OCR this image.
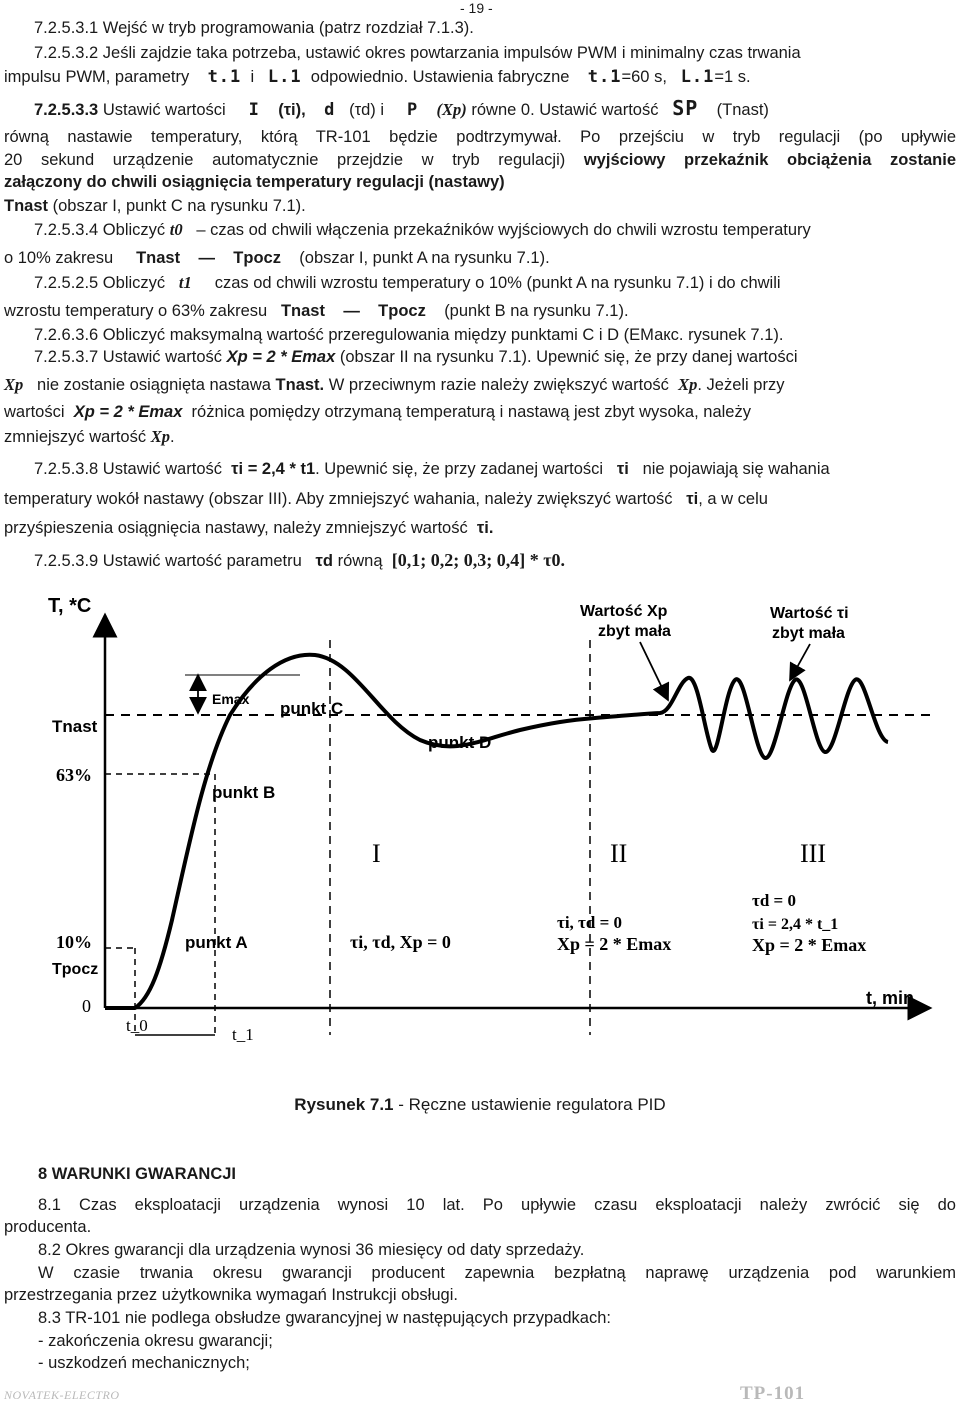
- 19 -
7.2.5.3.1 Wejść w tryb programowania (patrz rozdział 7.1.3).
7.2.5.3.2 Jeśli zajdzie taka potrzeba, ustawić okres powtarzania impulsów PWM i minimalny czas trwania
impulsu PWM, parametry t.1 i L.1 odpowiednio. Ustawienia fabryczne t.1=60 s, L.1=1 s.
7.2.5.3.3 Ustawić wartości I (τi), d (τd) i P (Xp) równe 0. Ustawić wartość SP (Tnast)
równą nastawie temperatury, którą TR-101 będzie podtrzymywał. Po przejściu w tryb regulacji (po upływie
20 sekund urządzenie automatycznie przejdzie w tryb regulacji) wyjściowy przekaźnik obciążenia zostanie
załączony do chwili osiągnięcia temperatury regulacji (nastawy)
Tnast (obszar I, punkt C na rysunku 7.1).
7.2.5.3.4 Obliczyć t0 – czas od chwili włączenia przekaźników wyjściowych do chwili wzrostu temperatury
o 10% zakresu Tnast — Tpocz (obszar I, punkt A na rysunku 7.1).
7.2.5.2.5 Obliczyć t1 czas od chwili wzrostu temperatury o 10% (punkt A na rysunku 7.1) i do chwili
wzrostu temperatury o 63% zakresu Tnast — Tpocz (punkt B na rysunku 7.1).
7.2.6.3.6 Obliczyć maksymalną wartość przeregulowania między punktami C i D (EМакс. rysunek 7.1).
7.2.5.3.7 Ustawić wartość Xp = 2 * Emax (obszar II na rysunku 7.1). Upewnić się, że przy danej wartości
Xp nie zostanie osiągnięta nastawa Tnast. W przeciwnym razie należy zwiększyć wartość Xp. Jeżeli przy
wartości Xp = 2 * Emax różnica pomiędzy otrzymaną temperaturą i nastawą jest zbyt wysoka, należy
zmniejszyć wartość Xp.
7.2.5.3.8 Ustawić wartość τi = 2,4 * t1. Upewnić się, że przy zadanej wartości τi nie pojawiają się wahania
temperatury wokół nastawy (obszar III). Aby zmniejszyć wahania, należy zwiększyć wartość τi, a w celu
przyśpieszenia osiągnięcia nastawy, należy zmniejszyć wartość τi.
7.2.5.3.9 Ustawić wartość parametru τd równą [0,1; 0,2; 0,3; 0,4] * τ0.
T, *C
t, min
Tnast
63%
10%
Tpocz
0
t_0	t_1
Emax
punkt A
punkt B
punkt C
punkt D
I	II	III
Wartość Xp
zbyt mała
Wartość τi
zbyt mała
τi, τd, Xp = 0
τi, τd = 0
Xp = 2 * Emax
τd = 0
τi = 2,4 * t_1
Xp = 2 * Emax
Rysunek 7.1 - Ręczne ustawienie regulatora PID
8 WARUNKI GWARANCJI
8.1 Czas eksploatacji urządzenia wynosi 10 lat. Po upływie czasu eksploatacji należy zwrócić się do
producenta.
8.2 Okres gwarancji dla urządzenia wynosi 36 miesięcy od daty sprzedaży.
W czasie trwania okresu gwarancji producent zapewnia bezpłatną naprawę urządzenia pod warunkiem
przestrzegania przez użytkownika wymagań Instrukcji obsługi.
8.3 TR-101 nie podlega obsłudze gwarancyjnej w następujących przypadkach:
- zakończenia okresu gwarancji;
- uszkodzeń mechanicznych;
NOVATEK-ELECTRO	TP-101
